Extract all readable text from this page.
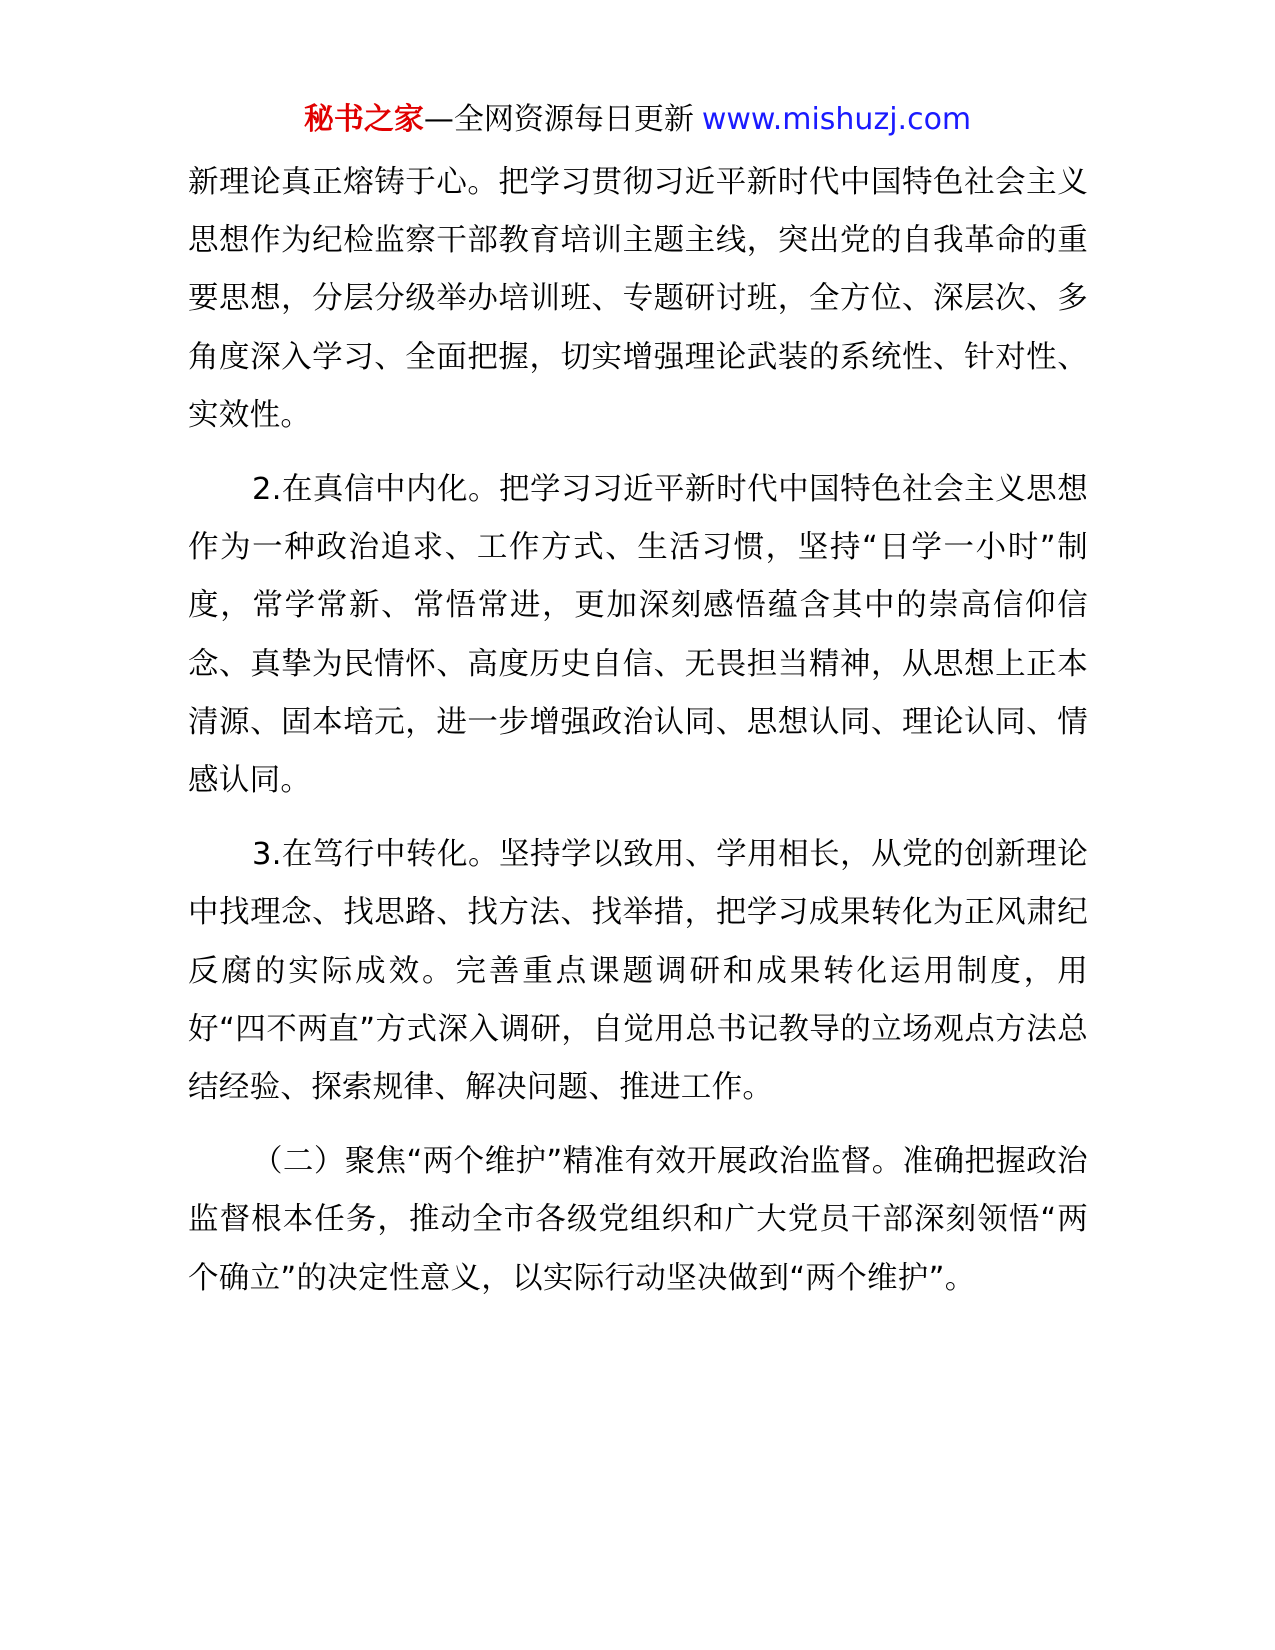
秘书之家—全网资源每日更新 www.mishuzj.com

新理论真正熔铸于心。把学习贯彻习近平新时代中国特色社会主义思想作为纪检监察干部教育培训主题主线，突出党的自我革命的重要思想，分层分级举办培训班、专题研讨班，全方位、深层次、多角度深入学习、全面把握，切实增强理论武装的系统性、针对性、实效性。

2.在真信中内化。把学习习近平新时代中国特色社会主义思想作为一种政治追求、工作方式、生活习惯，坚持“日学一小时”制度，常学常新、常悟常进，更加深刻感悟蕴含其中的崇高信仰信念、真挚为民情怀、高度历史自信、无畏担当精神，从思想上正本清源、固本培元，进一步增强政治认同、思想认同、理论认同、情感认同。

3.在笃行中转化。坚持学以致用、学用相长，从党的创新理论中找理念、找思路、找方法、找举措，把学习成果转化为正风肃纪反腐的实际成效。完善重点课题调研和成果转化运用制度，用好“四不两直”方式深入调研，自觉用总书记教导的立场观点方法总结经验、探索规律、解决问题、推进工作。

（二）聚焦“两个维护”精准有效开展政治监督。准确把握政治监督根本任务，推动全市各级党组织和广大党员干部深刻领悟“两个确立”的决定性意义，以实际行动坚决做到“两个维护”。
